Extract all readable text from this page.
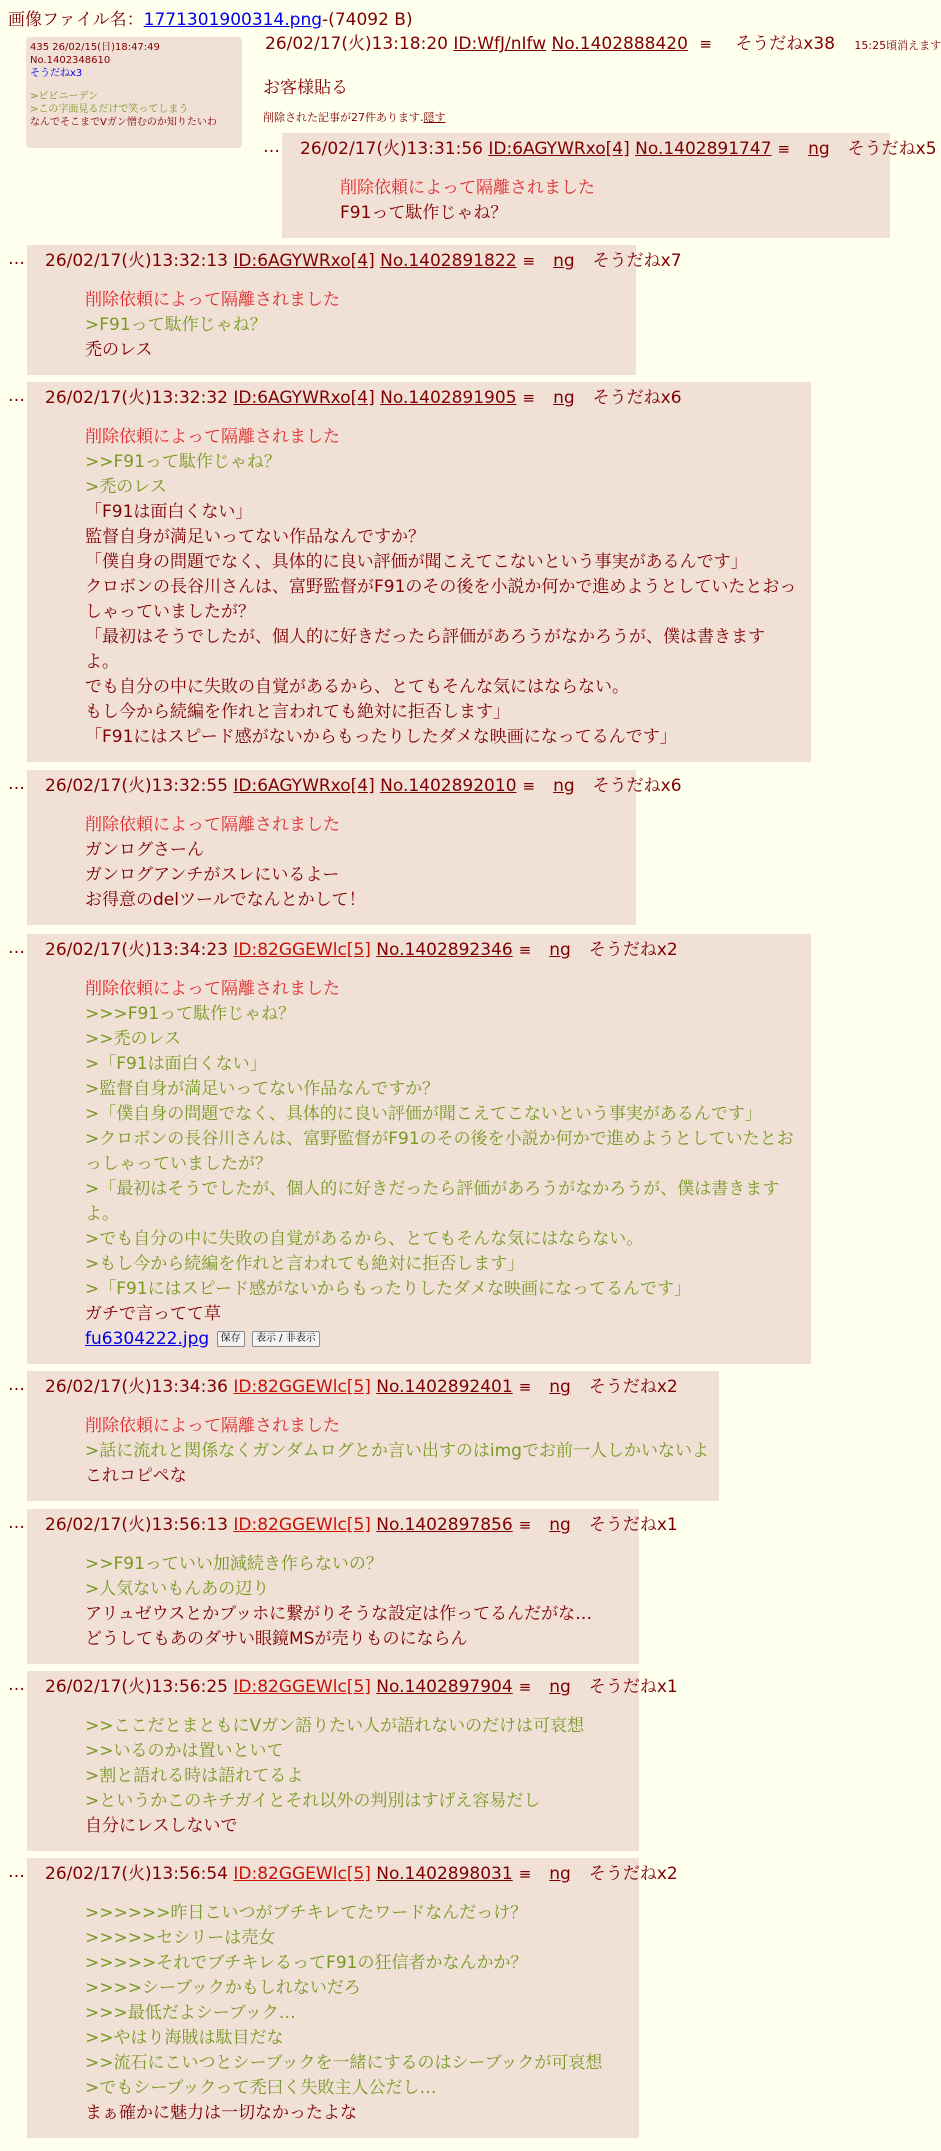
画像ファイル名：1771301900314.png-(74092 B)
435 26/02/15(日)18:47:49 No.1402348610
そうだねx3
>ビビニーデン
>この字面見るだけで笑ってしまう
なんでそこまでVガン憎むのか知りたいわ
26/02/17(火)13:18:20 ID:WfJ/nIfw No.1402888420 ≡ そうだねx38 15:25頃消えます
お客様貼る
削除された記事が27件あります.隠す
…	26/02/17(火)13:31:56 ID:6AGYWRxo[4] No.1402891747 ≡ ng そうだねx5
削除依頼によって隔離されました
F91って駄作じゃね？
…	26/02/17(火)13:32:13 ID:6AGYWRxo[4] No.1402891822 ≡ ng そうだねx7
削除依頼によって隔離されました
>F91って駄作じゃね？
禿のレス
…	26/02/17(火)13:32:32 ID:6AGYWRxo[4] No.1402891905 ≡ ng そうだねx6
削除依頼によって隔離されました
>>F91って駄作じゃね？
>禿のレス
「F91は面白くない」
監督自身が満足いってない作品なんですか？
「僕自身の問題でなく、具体的に良い評価が聞こえてこないという事実があるんです」
クロボンの長谷川さんは、富野監督がF91のその後を小説か何かで進めようとしていたとおっ
しゃっていましたが？
「最初はそうでしたが、個人的に好きだったら評価があろうがなかろうが、僕は書きます
よ。
でも自分の中に失敗の自覚があるから、とてもそんな気にはならない。
もし今から続編を作れと言われても絶対に拒否します」
「F91にはスピード感がないからもったりしたダメな映画になってるんです」
…	26/02/17(火)13:32:55 ID:6AGYWRxo[4] No.1402892010 ≡ ng そうだねx6
削除依頼によって隔離されました
ガンログさーん
ガンログアンチがスレにいるよー
お得意のdelツールでなんとかして！
…	26/02/17(火)13:34:23 ID:82GGEWlc[5] No.1402892346 ≡ ng そうだねx2
削除依頼によって隔離されました
>>>F91って駄作じゃね？
>>禿のレス
>「F91は面白くない」
>監督自身が満足いってない作品なんですか？
>「僕自身の問題でなく、具体的に良い評価が聞こえてこないという事実があるんです」
>クロボンの長谷川さんは、富野監督がF91のその後を小説か何かで進めようとしていたとお
っしゃっていましたが？
>「最初はそうでしたが、個人的に好きだったら評価があろうがなかろうが、僕は書きます
よ。
>でも自分の中に失敗の自覚があるから、とてもそんな気にはならない。
>もし今から続編を作れと言われても絶対に拒否します」
>「F91にはスピード感がないからもったりしたダメな映画になってるんです」
ガチで言ってて草
fu6304222.jpg 保存 表示 / 非表示
…	26/02/17(火)13:34:36 ID:82GGEWlc[5] No.1402892401 ≡ ng そうだねx2
削除依頼によって隔離されました
>話に流れと関係なくガンダムログとか言い出すのはimgでお前一人しかいないよ
これコピペな
…	26/02/17(火)13:56:13 ID:82GGEWlc[5] No.1402897856 ≡ ng そうだねx1
>>F91っていい加減続き作らないの？
>人気ないもんあの辺り
アリュゼウスとかブッホに繋がりそうな設定は作ってるんだがな…
どうしてもあのダサい眼鏡MSが売りものにならん
…	26/02/17(火)13:56:25 ID:82GGEWlc[5] No.1402897904 ≡ ng そうだねx1
>>ここだとまともにVガン語りたい人が語れないのだけは可哀想
>>いるのかは置いといて
>割と語れる時は語れてるよ
>というかこのキチガイとそれ以外の判別はすげえ容易だし
自分にレスしないで
…	26/02/17(火)13:56:54 ID:82GGEWlc[5] No.1402898031 ≡ ng そうだねx2
>>>>>>昨日こいつがブチキレてたワードなんだっけ？
>>>>>セシリーは売女
>>>>>それでブチキレるってF91の狂信者かなんかか？
>>>>シーブックかもしれないだろ
>>>最低だよシーブック…
>>やはり海賊は駄目だな
>>流石にこいつとシーブックを一緒にするのはシーブックが可哀想
>でもシーブックって禿曰く失敗主人公だし…
まぁ確かに魅力は一切なかったよな
